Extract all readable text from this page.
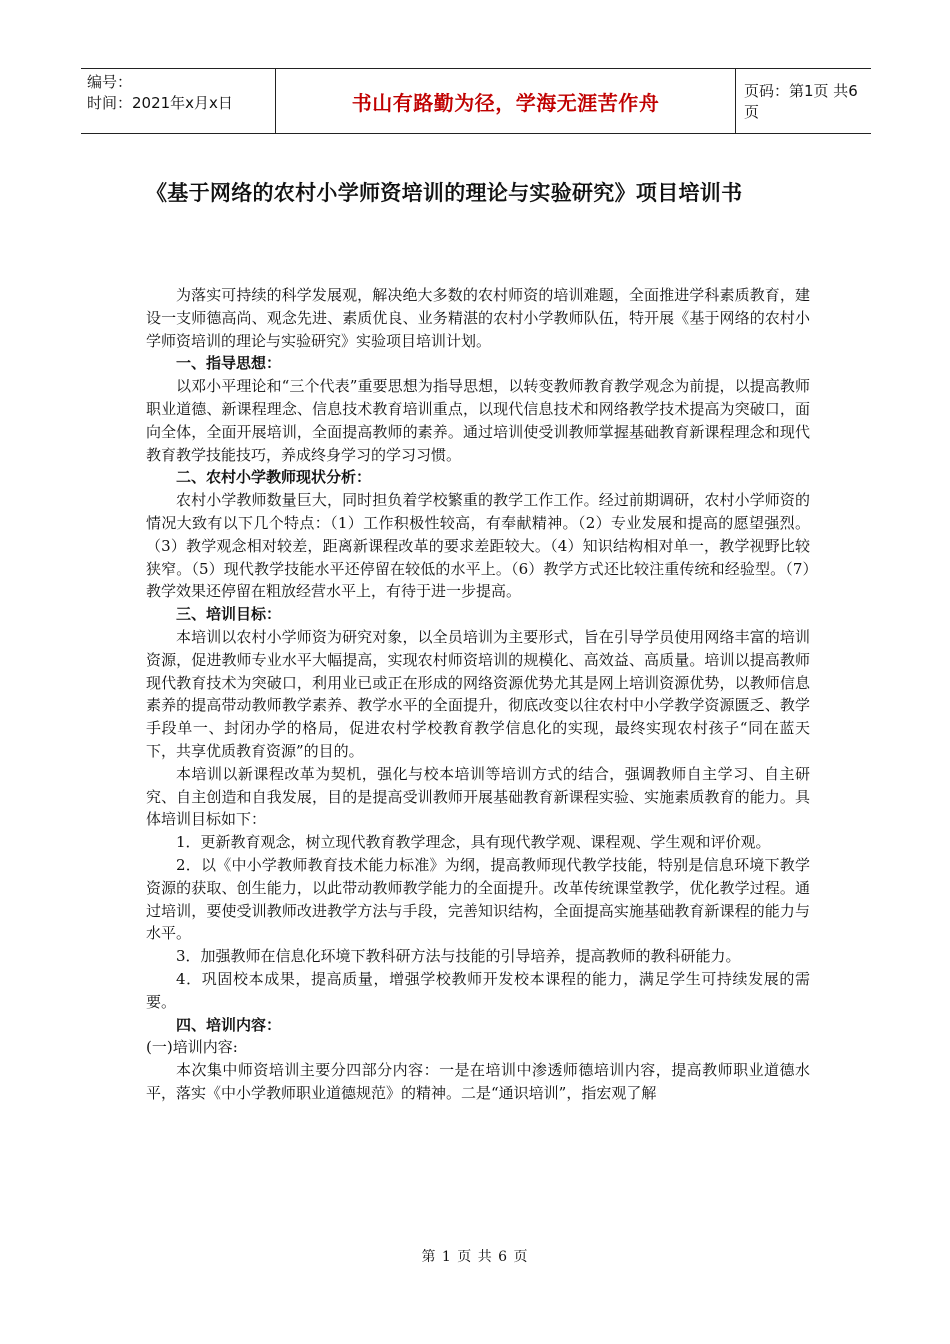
编号：
时间：2021年x月x日	书山有路勤为径，学海无涯苦作舟	页码：第1页 共6页
《基于网络的农村小学师资培训的理论与实验研究》项目培训书

为落实可持续的科学发展观，解决绝大多数的农村师资的培训难题，全面推进学科素质教育，建设一支师德高尚、观念先进、素质优良、业务精湛的农村小学教师队伍，特开展《基于网络的农村小学师资培训的理论与实验研究》实验项目培训计划。

一、指导思想：

以邓小平理论和“三个代表”重要思想为指导思想，以转变教师教育教学观念为前提，以提高教师职业道德、新课程理念、信息技术教育培训重点，以现代信息技术和网络教学技术提高为突破口，面向全体，全面开展培训，全面提高教师的素养。通过培训使受训教师掌握基础教育新课程理念和现代教育教学技能技巧，养成终身学习的学习习惯。

二、农村小学教师现状分析：

农村小学教师数量巨大，同时担负着学校繁重的教学工作工作。经过前期调研，农村小学师资的情况大致有以下几个特点：（1）工作积极性较高，有奉献精神。（2）专业发展和提高的愿望强烈。（3）教学观念相对较差，距离新课程改革的要求差距较大。（4）知识结构相对单一，教学视野比较狭窄。（5）现代教学技能水平还停留在较低的水平上。（6）教学方式还比较注重传统和经验型。（7）教学效果还停留在粗放经营水平上，有待于进一步提高。

三、培训目标：

本培训以农村小学师资为研究对象，以全员培训为主要形式，旨在引导学员使用网络丰富的培训资源，促进教师专业水平大幅提高，实现农村师资培训的规模化、高效益、高质量。培训以提高教师现代教育技术为突破口，利用业已或正在形成的网络资源优势尤其是网上培训资源优势，以教师信息素养的提高带动教师教学素养、教学水平的全面提升，彻底改变以往农村中小学教学资源匮乏、教学手段单一、封闭办学的格局，促进农村学校教育教学信息化的实现，最终实现农村孩子“同在蓝天下，共享优质教育资源”的目的。

本培训以新课程改革为契机，强化与校本培训等培训方式的结合，强调教师自主学习、自主研究、自主创造和自我发展，目的是提高受训教师开展基础教育新课程实验、实施素质教育的能力。具体培训目标如下：

1．更新教育观念，树立现代教育教学理念，具有现代教学观、课程观、学生观和评价观。

2．以《中小学教师教育技术能力标准》为纲，提高教师现代教学技能，特别是信息环境下教学资源的获取、创生能力，以此带动教师教学能力的全面提升。改革传统课堂教学，优化教学过程。通过培训，要使受训教师改进教学方法与手段，完善知识结构，全面提高实施基础教育新课程的能力与水平。

3．加强教师在信息化环境下教科研方法与技能的引导培养，提高教师的教科研能力。

4．巩固校本成果，提高质量，增强学校教师开发校本课程的能力，满足学生可持续发展的需要。

四、培训内容：

(一)培训内容:

本次集中师资培训主要分四部分内容：一是在培训中渗透师德培训内容，提高教师职业道德水平，落实《中小学教师职业道德规范》的精神。二是“通识培训”，指宏观了解

第 1 页 共 6 页
